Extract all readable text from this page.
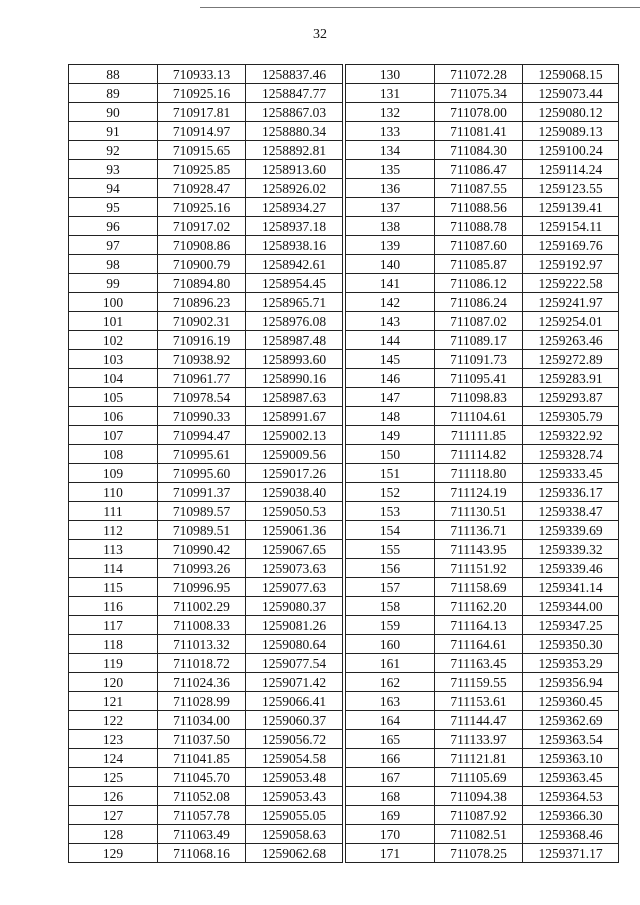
32
88	710933.13	1258837.46
89	710925.16	1258847.77
90	710917.81	1258867.03
91	710914.97	1258880.34
92	710915.65	1258892.81
93	710925.85	1258913.60
94	710928.47	1258926.02
95	710925.16	1258934.27
96	710917.02	1258937.18
97	710908.86	1258938.16
98	710900.79	1258942.61
99	710894.80	1258954.45
100	710896.23	1258965.71
101	710902.31	1258976.08
102	710916.19	1258987.48
103	710938.92	1258993.60
104	710961.77	1258990.16
105	710978.54	1258987.63
106	710990.33	1258991.67
107	710994.47	1259002.13
108	710995.61	1259009.56
109	710995.60	1259017.26
110	710991.37	1259038.40
111	710989.57	1259050.53
112	710989.51	1259061.36
113	710990.42	1259067.65
114	710993.26	1259073.63
115	710996.95	1259077.63
116	711002.29	1259080.37
117	711008.33	1259081.26
118	711013.32	1259080.64
119	711018.72	1259077.54
120	711024.36	1259071.42
121	711028.99	1259066.41
122	711034.00	1259060.37
123	711037.50	1259056.72
124	711041.85	1259054.58
125	711045.70	1259053.48
126	711052.08	1259053.43
127	711057.78	1259055.05
128	711063.49	1259058.63
129	711068.16	1259062.68
130	711072.28	1259068.15
131	711075.34	1259073.44
132	711078.00	1259080.12
133	711081.41	1259089.13
134	711084.30	1259100.24
135	711086.47	1259114.24
136	711087.55	1259123.55
137	711088.56	1259139.41
138	711088.78	1259154.11
139	711087.60	1259169.76
140	711085.87	1259192.97
141	711086.12	1259222.58
142	711086.24	1259241.97
143	711087.02	1259254.01
144	711089.17	1259263.46
145	711091.73	1259272.89
146	711095.41	1259283.91
147	711098.83	1259293.87
148	711104.61	1259305.79
149	711111.85	1259322.92
150	711114.82	1259328.74
151	711118.80	1259333.45
152	711124.19	1259336.17
153	711130.51	1259338.47
154	711136.71	1259339.69
155	711143.95	1259339.32
156	711151.92	1259339.46
157	711158.69	1259341.14
158	711162.20	1259344.00
159	711164.13	1259347.25
160	711164.61	1259350.30
161	711163.45	1259353.29
162	711159.55	1259356.94
163	711153.61	1259360.45
164	711144.47	1259362.69
165	711133.97	1259363.54
166	711121.81	1259363.10
167	711105.69	1259363.45
168	711094.38	1259364.53
169	711087.92	1259366.30
170	711082.51	1259368.46
171	711078.25	1259371.17
